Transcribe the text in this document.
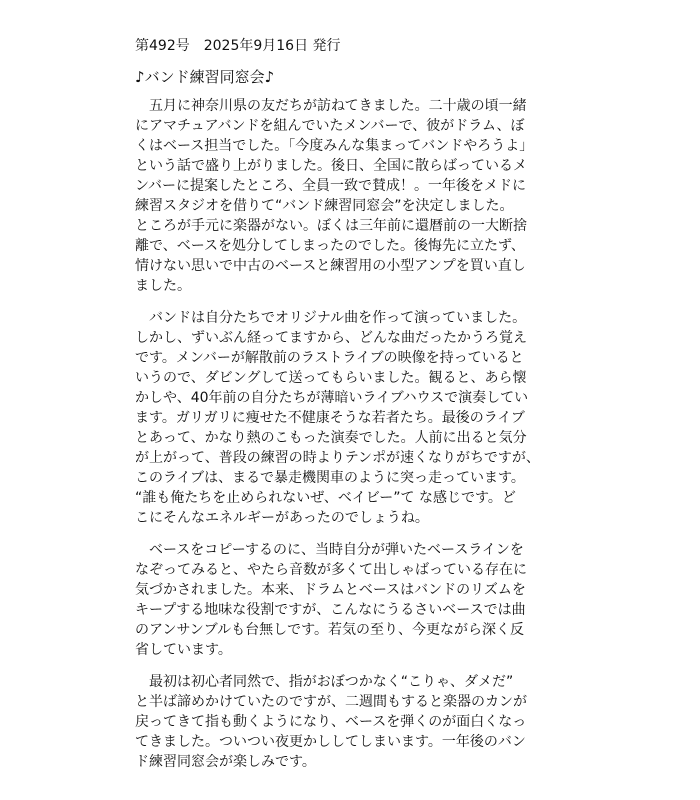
第492号　2025年9月16日 発行
♪バンド練習同窓会♪
　五月に神奈川県の友だちが訪ねてきました。二十歳の頃一緒
にアマチュアバンドを組んでいたメンバーで、彼がドラム、ぼ
くはベース担当でした。「今度みんな集まってバンドやろうよ」
という話で盛り上がりました。後日、全国に散らばっているメ
ンバーに提案したところ、全員一致で賛成！。一年後をメドに
練習スタジオを借りて“バンド練習同窓会”を決定しました。
ところが手元に楽器がない。ぼくは三年前に還暦前の一大断捨
離で、ベースを処分してしまったのでした。後悔先に立たず、
情けない思いで中古のベースと練習用の小型アンプを買い直し
ました。
　バンドは自分たちでオリジナル曲を作って演っていました。
しかし、ずいぶん経ってますから、どんな曲だったかうろ覚え
です。メンバーが解散前のラストライブの映像を持っていると
いうので、ダビングして送ってもらいました。観ると、あら懐
かしや、40年前の自分たちが薄暗いライブハウスで演奏してい
ます。ガリガリに痩せた不健康そうな若者たち。最後のライブ
とあって、かなり熱のこもった演奏でした。人前に出ると気分
が上がって、普段の練習の時よりテンポが速くなりがちですが、
このライブは、まるで暴走機関車のように突っ走っています。
“誰も俺たちを止められないぜ、ベイビー”て な感じです。ど
こにそんなエネルギーがあったのでしょうね。
　ベースをコピーするのに、当時自分が弾いたベースラインを
なぞってみると、やたら音数が多くて出しゃばっている存在に
気づかされました。本来、ドラムとベースはバンドのリズムを
キープする地味な役割ですが、こんなにうるさいベースでは曲
のアンサンブルも台無しです。若気の至り、今更ながら深く反
省しています。
　最初は初心者同然で、指がおぼつかなく“こりゃ、ダメだ”
と半ば諦めかけていたのですが、二週間もすると楽器のカンが
戻ってきて指も動くようになり、ベースを弾くのが面白くなっ
てきました。ついつい夜更かししてしまいます。一年後のバン
ド練習同窓会が楽しみです。
